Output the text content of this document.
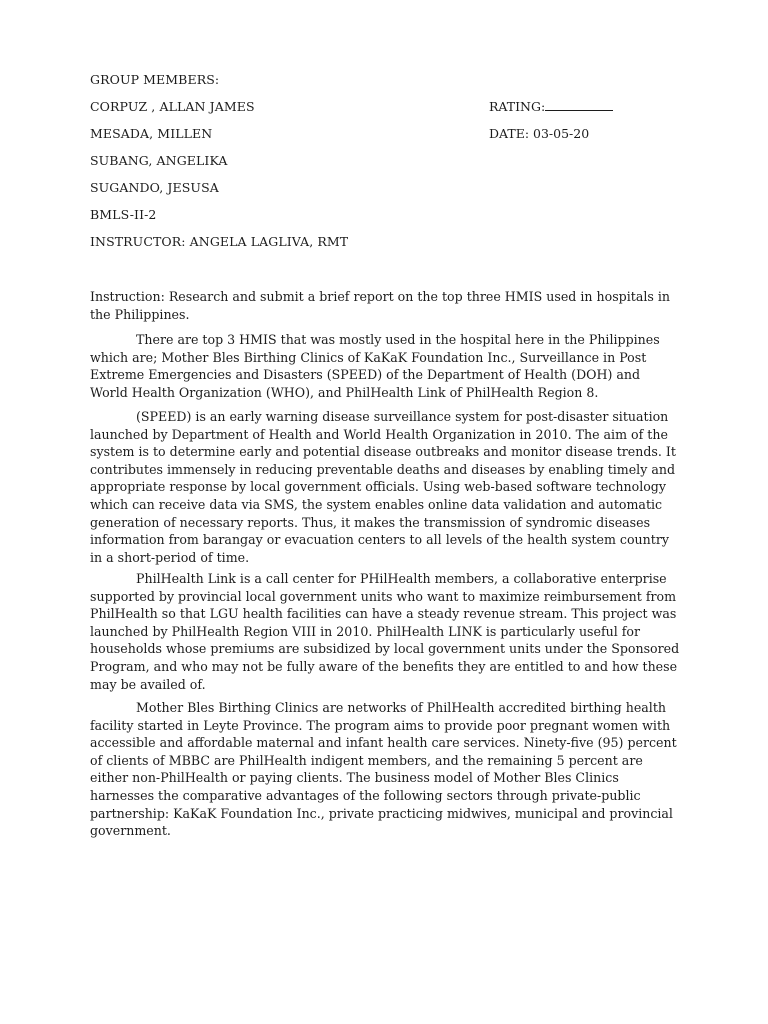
GROUP MEMBERS:
CORPUZ , ALLAN JAMES	RATING:
MESADA, MILLEN	DATE: 03-05-20
SUBANG, ANGELIKA
SUGANDO, JESUSA
BMLS-II-2
INSTRUCTOR: ANGELA LAGLIVA, RMT

Instruction: Research and submit a brief report on the top three HMIS used in hospitals in the Philippines.

There are top 3 HMIS that was mostly used in the hospital here in the Philippines which are; Mother Bles Birthing Clinics of KaKaK Foundation Inc., Surveillance in Post Extreme Emergencies and Disasters (SPEED) of the Department of Health (DOH) and World Health Organization (WHO), and PhilHealth Link of PhilHealth Region 8.

(SPEED) is an early warning disease surveillance system for post-disaster situation launched by Department of Health and World Health Organization in 2010. The aim of the system is to determine early and potential disease outbreaks and monitor disease trends. It contributes immensely in reducing preventable deaths and diseases by enabling timely and appropriate response by local government officials. Using web-based software technology which can receive data via SMS, the system enables online data validation and automatic generation of necessary reports. Thus, it makes the transmission of syndromic diseases information from barangay or evacuation centers to all levels of the health system country in a short-period of time.

PhilHealth Link is a call center for PHilHealth members, a collaborative enterprise supported by provincial local government units who want to maximize reimbursement from PhilHealth so that LGU health facilities can have a steady revenue stream. This project was launched by PhilHealth Region VIII in 2010. PhilHealth LINK is particularly useful for households whose premiums are subsidized by local government units under the Sponsored Program, and who may not be fully aware of the benefits they are entitled to and how these may be availed of.

Mother Bles Birthing Clinics are networks of PhilHealth accredited birthing health facility started in Leyte Province. The program aims to provide poor pregnant women with accessible and affordable maternal and infant health care services. Ninety-five (95) percent of clients of MBBC are PhilHealth indigent members, and the remaining 5 percent are either non-PhilHealth or paying clients. The business model of Mother Bles Clinics harnesses the comparative advantages of the following sectors through private-public partnership: KaKaK Foundation Inc., private practicing midwives, municipal and provincial government.
